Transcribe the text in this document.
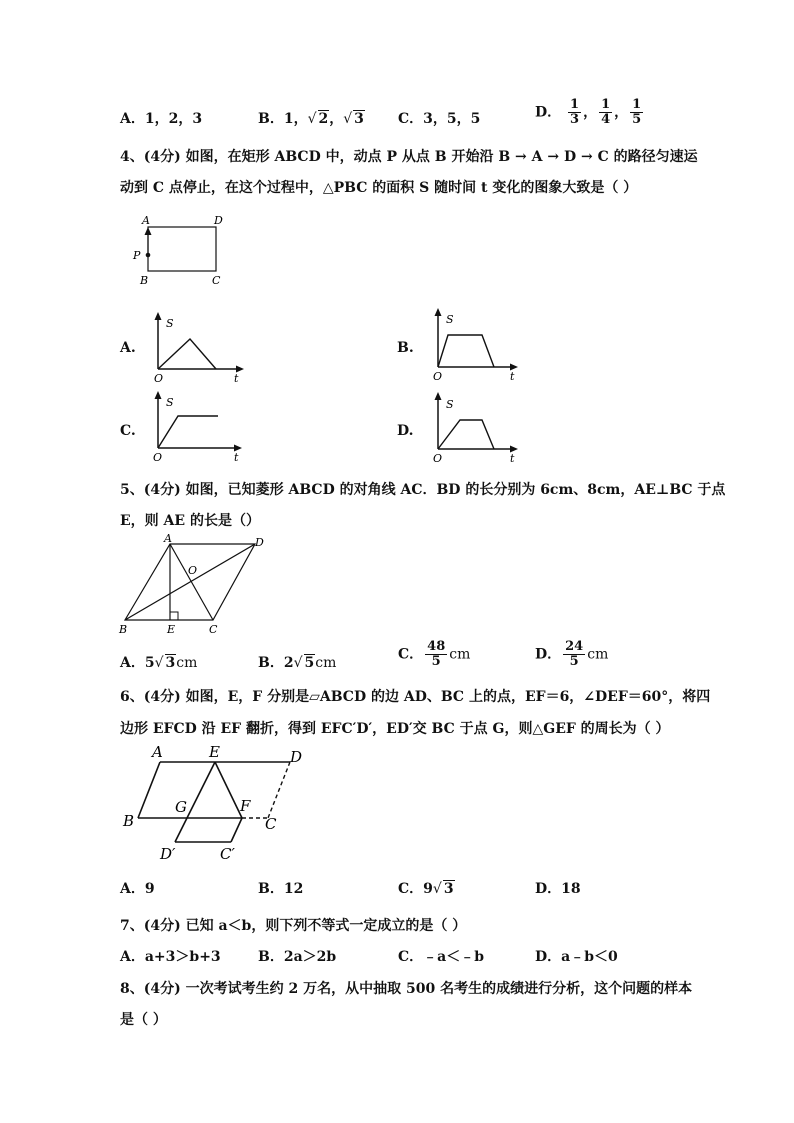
A．1，2，3	B．1，√ 2，√ 3 C．3，5，5	D． $\frac{1}{3}$ ， $\frac{1}{4}$ ， $\frac{1}{5}$
4、(4分) 如图，在矩形 ABCD 中，动点 P 从点 B 开始沿 B → A → D → C 的路径匀速运
动到 C 点停止，在这个过程中，△PBC 的面积 S 随时间 t 变化的图象大致是（ ）
A	D
P
B	C
A.	B.
C.	D.
S
O	t
S
O	t
S
O	t
S
O	t
5、(4分) 如图，已知菱形 ABCD 的对角线 AC．BD 的长分别为 6cm、8cm，AE⊥BC 于点
E，则 AE 的长是（）
A	D
O
B	E	C
A．5√ 3cm	B．2√ 5cm
C． $\frac{48}{5}$ cm	D． $\frac{24}{5}$ cm
6、(4分) 如图，E，F 分别是▱ABCD 的边 AD、BC 上的点，EF＝6，∠DEF＝60°，将四
边形 EFCD 沿 EF 翻折，得到 EFC′D′，ED′交 BC 于点 G，则△GEF 的周长为（ ）
A	E	D
B
G	F
C
D′	C′
A．9	B．12	C．9√ 3	D．18
7、(4分) 已知 a＜b，则下列不等式一定成立的是（ ）
A．a+3＞b+3	B．2a＞2b	C．﹣a＜﹣b	D．a﹣b＜0
8、(4分) 一次考试考生约 2 万名，从中抽取 500 名考生的成绩进行分析，这个问题的样本
是（ ）
